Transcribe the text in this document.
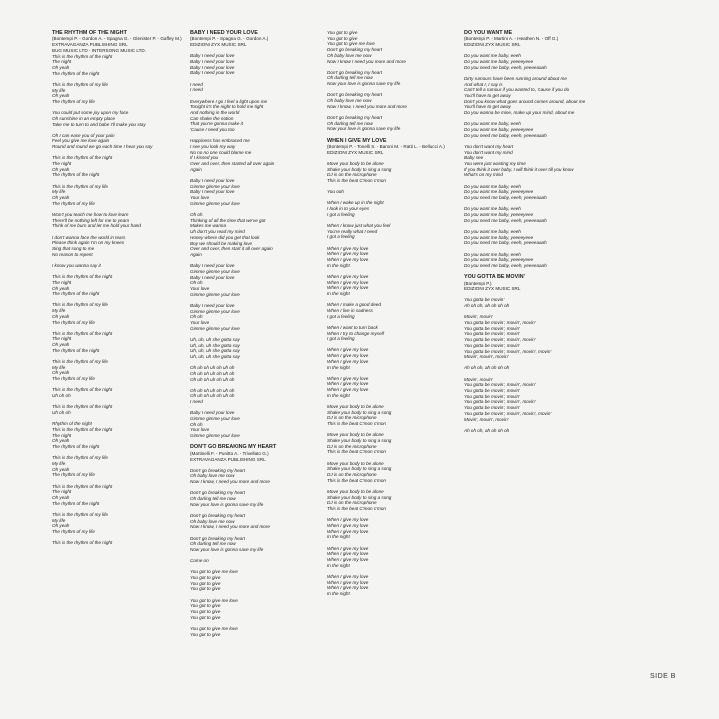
THE RHYTHM OF THE NIGHT
(Bontempi P. - Gordon A. - Spagna G. - Glenister P. - Gaffey M.)
EXTRAVAGANZA PUBLISHING SRL
BUG MUSIC LTD - INTERSONG MUSIC LTD.
This is the rhythm of the night
The night
Oh yeah
The rhythm of the night
This is the rhythm of my life
My life
Oh yeah
The rhythm of my life
You could put some joy upon my face
Oh sunshine in an empty place
Take me to turn to and babe I'll make you stay
Oh I can ease you of your pain
Feel you give me love again
Round and round we go each time I hear you say
This is the rhythm of the night
The night
Oh yeah
The rhythm of the night
This is the rhythm of my life
My life
Oh yeah
The rhythm of my life
Won't you teach me how to love learn
There'll be nothing left for me to yearn
Think of me burn and let me hold your hand
I don't wanna face the world in tears
Please think again I'm on my knees
Sing that song to me
No reason to repent
I know you wanna say it
This is the rhythm of the night
The night
Oh yeah
The rhythm of the night
This is the rhythm of my life
My life
Oh yeah
The rhythm of my life
This is the rhythm of the night
The night
Oh yeah
The rhythm of the night
This is the rhythm of my life
My life
Oh yeah
The rhythm of my life
This is the rhythm of the night
Uh oh oh
This is the rhythm of the night
Uh oh oh
Rhythm of the night
This is the rhythm of the night
The night
Oh yeah
The rhythm of the night
This is the rhythm of my life
My life
Oh yeah
The rhythm of my life
This is the rhythm of the night
The night
Oh yeah
The rhythm of the night
This is the rhythm of my life
My life
Oh yeah
The rhythm of my life
This is the rhythm of the night
BABY I NEED YOUR LOVE
(Bontempi P. - Spagna G. - Gordon A.)
EDIZIONI ZYX MUSIC SRL
Baby I need your love
Baby I need your love
Baby I need your love
Baby I need your love
I need
I need
Everywhere I go I feel a light upon me
Tonight it's the night to hold me tight
And nothing in the world
Can shake the notion
That you're gonna make it
'Cause I need you too
Happiness has embraced me
I see you look my way
No no no one could blame me
If I kissed you
Over and over, then started all over again
Again
Baby I need your love
Gimme gimme your love
Baby I need your love
Your love
Gimme gimme your love
Oh oh
Thinking of all the time that we've got
Makes me wanna
Uh don't you read my mind
Honey where did you get that look
Boy we should be making love
Over and over, then start it all over again
Again
Baby I need your love
Gimme gimme your love
Baby I need your love
Oh oh
Your love
Gimme gimme your love
Baby I need your love
Gimme gimme your love
Oh oh
Your love
Gimme gimme your love
Uh, uh, uh she gotta say
Uh, uh, uh she gotta say
Uh, uh, uh she gotta say
Uh, uh, uh she gotta say
Oh uh oh uh oh uh oh
Oh uh oh uh oh uh oh
Oh uh oh uh oh uh oh
Oh uh oh uh oh uh oh
Oh uh oh uh oh uh oh
I need
Baby I need your love
Gimme gimme your love
Oh oh
Your love
Gimme gimme your love
DON'T GO BREAKING MY HEART
(Martinelli F. - Punitto A. - Trivellato G.)
EXTRAVAGANZA PUBLISHING SRL
Don't go breaking my heart
Oh baby love me now
Now I know, I need you more and more
Don't go breaking my heart
Oh darling tell me now
Now your love is gonna save my life
Don't go breaking my heart
Oh baby love me now
Now I know, I need you more and more
Don't go breaking my heart
Oh darling tell me now
Now your love is gonna save my life
Come on
You got to give me love
You got to give
You got to give
You got to give
You got to give me love
You got to give
You got to give
You got to give
You got to give me love
You got to give
You got to give
You got to give
You got to give me love
Don't go breaking my heart
Oh baby love me now
Now I know I need you more and more
Don't go breaking my heart
Oh darling tell me now
Now your love is gonna save my life
Don't go breaking my heart
Oh baby love me now
Now I know, I need you more and more
Don't go breaking my heart
Oh darling tell me now
Now your love is gonna save my life
WHEN I GIVE MY LOVE
(Bontempi P. - Tonelli S. - Baroni M. - Ratti L. - Bellucci A.)
EDIZIONI ZYX MUSIC SRL
Move your body to be alone
Shake your body to sing a song
DJ is on the microphone
This is the beat C'mon c'mon
You ooh
When I wake up in the night
I look in to your eyes
I got a feeling
When I know just what you feel
You're really what I need
I got a feeling
When I give my love
When I give my love
When I give my love
In the night
When I give my love
When I give my love
When I give my love
In the night
When I make a good deed
When I live in sadness
I got a feeling
When I want to turn back
When I try to change myself
I got a feeling
When I give my love
When I give my love
When I give my love
In the night
When I give my love
When I give my love
When I give my love
In the night
Move your body to be alone
Shake your body to sing a song
DJ is on the microphone
This is the beat C'mon c'mon
Move your body to be alone
Shake your body to sing a song
DJ is on the microphone
This is the beat C'mon c'mon
Move your body to be alone
Shake your body to sing a song
DJ is on the microphone
This is the beat C'mon c'mon
Move your body to be alone
Shake your body to sing a song
DJ is on the microphone
This is the beat C'mon c'mon
When I give my love
When I give my love
When I give my love
In the night
When I give my love
When I give my love
When I give my love
In the night
When I give my love
When I give my love
When I give my love
In the night
DO YOU WANT ME
(Bontempi P. - Martini A. - Heathen N. - Off G.)
EDIZIONI ZYX MUSIC SRL
Do you want me baby, eeeh
Do you want me baby, yeeeeyeee
Do you need me baby, eeeh, yeeeeaaah
Dirty rumours have been running around about me
And what I, I say is
Can't tell a rumour if you wanted to, 'cause if you do
You'll have to get away
Don't you know what goes around comes around, about me
You'll have to get away
Do you wanna be mine, make up your mind, about me
Do you want me baby, eeeh
Do you want me baby, yeeeeyeee
Do you need me baby, eeeh, yeeeeaaah
You don't want my heart
You don't want my mind
Baby see
You were just wasting my time
If you think it over baby, I will think it over till you know
What's on my mind
Do you want me baby, eeeh
Do you want me baby, yeeeeyeee
Do you need me baby, eeeh, yeeeeaaah
Do you want me baby, eeeh
Do you want me baby, yeeeeyeee
Do you need me baby, eeeh, yeeeeaaah
Do you want me baby, eeeh
Do you want me baby, yeeeeyeee
Do you need me baby, eeeh, yeeeeaaah
Do you want me baby, eeeh
Do you want me baby, yeeeeyeee
Do you need me baby, eeeh, yeeeeaaah
YOU GOTTA BE MOVIN'
(Bontempi P.)
EDIZIONI ZYX MUSIC SRL
You gotta be movin'
Ah oh oh, ah oh oh oh
Movin', movin'
You gotta be movin', movin', movin'
You gotta be movin', movin'
You gotta be movin', movin'
You gotta be movin', movin', movin'
You gotta be movin', movin'
You gotta be movin', movin', movin', movin'
Movin', movin', movin'
Ah oh oh, ah oh oh oh
Movin', movin'
You gotta be movin', movin', movin'
You gotta be movin', movin'
You gotta be movin', movin'
You gotta be movin', movin', movin'
You gotta be movin', movin'
You gotta be movin', movin', movin', movin'
Movin', movin', movin'
Ah oh oh, ah oh oh oh
SIDE B
